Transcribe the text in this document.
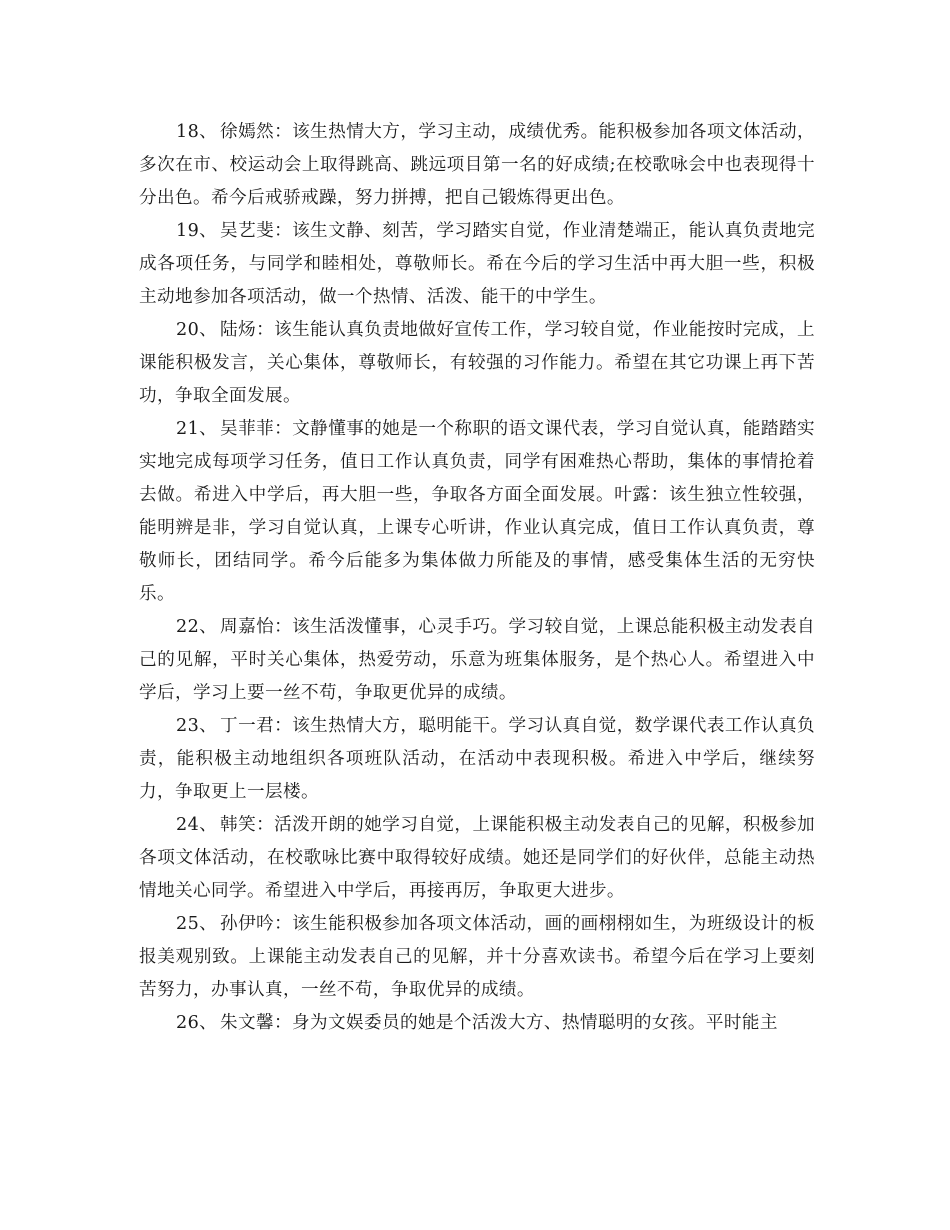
18、 徐嫣然：该生热情大方，学习主动，成绩优秀。能积极参加各项文体活动，多次在市、校运动会上取得跳高、跳远项目第一名的好成绩;在校歌咏会中也表现得十分出色。希今后戒骄戒躁，努力拼搏，把自己锻炼得更出色。

19、 吴艺斐：该生文静、刻苦，学习踏实自觉，作业清楚端正，能认真负责地完成各项任务，与同学和睦相处，尊敬师长。希在今后的学习生活中再大胆一些，积极主动地参加各项活动，做一个热情、活泼、能干的中学生。

20、 陆炀：该生能认真负责地做好宣传工作，学习较自觉，作业能按时完成，上课能积极发言，关心集体，尊敬师长，有较强的习作能力。希望在其它功课上再下苦功，争取全面发展。

21、 吴菲菲：文静懂事的她是一个称职的语文课代表，学习自觉认真，能踏踏实实地完成每项学习任务，值日工作认真负责，同学有困难热心帮助，集体的事情抢着去做。希进入中学后，再大胆一些，争取各方面全面发展。叶露：该生独立性较强，能明辨是非，学习自觉认真，上课专心听讲，作业认真完成，值日工作认真负责，尊敬师长，团结同学。希今后能多为集体做力所能及的事情，感受集体生活的无穷快乐。

22、 周嘉怡：该生活泼懂事，心灵手巧。学习较自觉，上课总能积极主动发表自己的见解，平时关心集体，热爱劳动，乐意为班集体服务，是个热心人。希望进入中学后，学习上要一丝不苟，争取更优异的成绩。

23、 丁一君：该生热情大方，聪明能干。学习认真自觉，数学课代表工作认真负责，能积极主动地组织各项班队活动，在活动中表现积极。希进入中学后，继续努力，争取更上一层楼。

24、 韩笑：活泼开朗的她学习自觉，上课能积极主动发表自己的见解，积极参加各项文体活动，在校歌咏比赛中取得较好成绩。她还是同学们的好伙伴，总能主动热情地关心同学。希望进入中学后，再接再厉，争取更大进步。

25、 孙伊吟：该生能积极参加各项文体活动，画的画栩栩如生，为班级设计的板报美观别致。上课能主动发表自己的见解，并十分喜欢读书。希望今后在学习上要刻苦努力，办事认真，一丝不苟，争取优异的成绩。

26、 朱文馨：身为文娱委员的她是个活泼大方、热情聪明的女孩。平时能主
